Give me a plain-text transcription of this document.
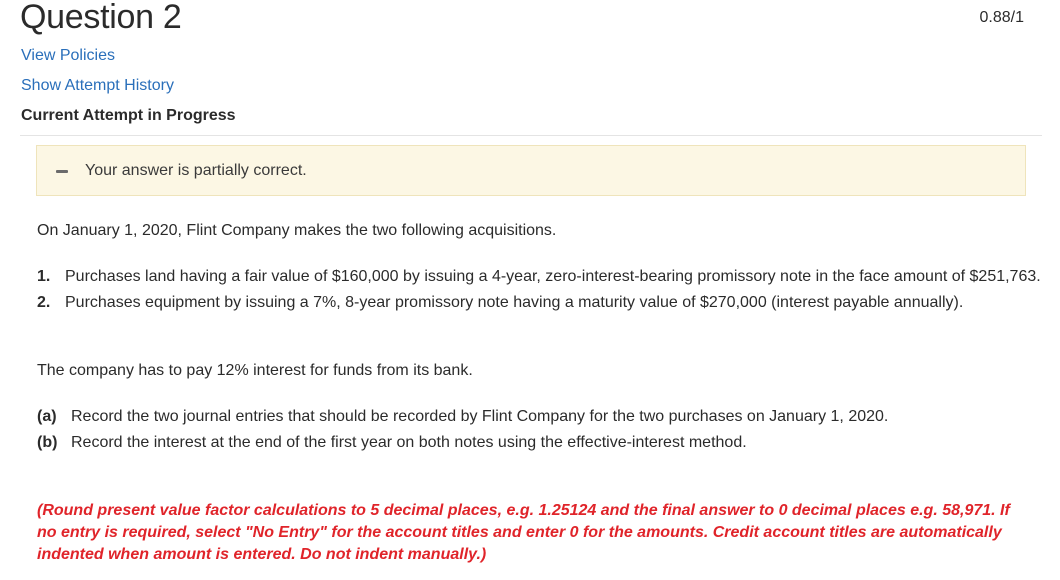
Question 2	0.88/1
View Policies
Show Attempt History
Current Attempt in Progress
Your answer is partially correct.
On January 1, 2020, Flint Company makes the two following acquisitions.
1. Purchases land having a fair value of $160,000 by issuing a 4-year, zero-interest-bearing promissory note in the face amount of $251,763.
2. Purchases equipment by issuing a 7%, 8-year promissory note having a maturity value of $270,000 (interest payable annually).
The company has to pay 12% interest for funds from its bank.
(a) Record the two journal entries that should be recorded by Flint Company for the two purchases on January 1, 2020.
(b) Record the interest at the end of the first year on both notes using the effective-interest method.
(Round present value factor calculations to 5 decimal places, e.g. 1.25124 and the final answer to 0 decimal places e.g. 58,971. If no entry is required, select "No Entry" for the account titles and enter 0 for the amounts. Credit account titles are automatically indented when amount is entered. Do not indent manually.)
